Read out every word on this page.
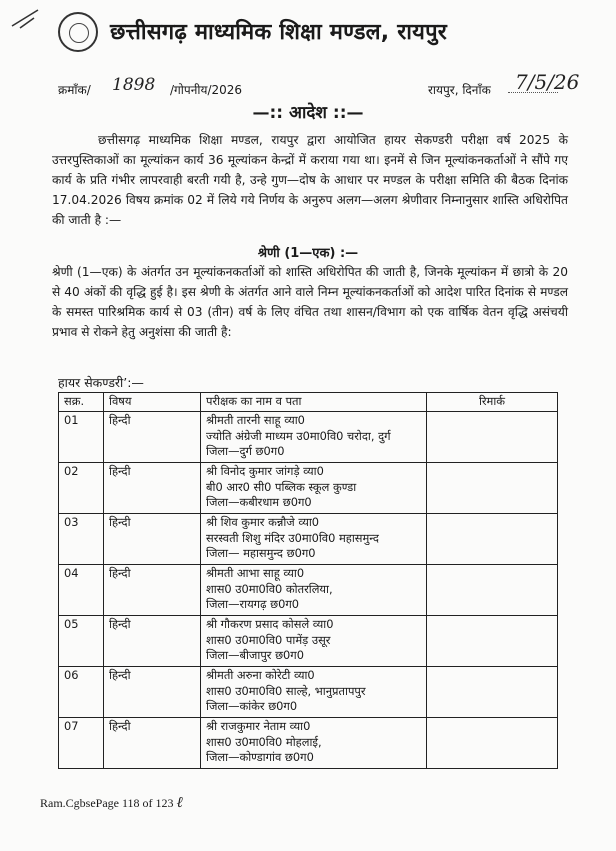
छत्तीसगढ़ माध्यमिक शिक्षा मण्डल, रायपुर
क्रमाँक/ 1898 /गोपनीय/2026	रायपुर, दिनाँक 7/5/26
—:: आदेश ::—
छत्तीसगढ़ माध्यमिक शिक्षा मण्डल, रायपुर द्वारा आयोजित हायर सेकण्डरी परीक्षा वर्ष 2025 के उत्तरपुस्तिकाओं का मूल्यांकन कार्य 36 मूल्यांकन केन्द्रों में कराया गया था। इनमें से जिन मूल्यांकनकर्ताओं ने सौंपे गए कार्य के प्रति गंभीर लापरवाही बरती गयी है, उन्हे गुण—दोष के आधार पर मण्डल के परीक्षा समिति की बैठक दिनांक 17.04.2026 विषय क्रमांक 02 में लिये गये निर्णय के अनुरुप अलग—अलग श्रेणीवार निम्नानुसार शास्ति अधिरोपित की जाती है :—
श्रेणी (1—एक) :—
श्रेणी (1—एक) के अंतर्गत उन मूल्यांकनकर्ताओं को शास्ति अधिरोपित की जाती है, जिनके मूल्यांकन में छात्रो के 20 से 40 अंकों की वृद्धि हुई है। इस श्रेणी के अंतर्गत आने वाले निम्न मूल्यांकनकर्ताओं को आदेश पारित दिनांक से मण्डल के समस्त पारिश्रमिक कार्य से 03 (तीन) वर्ष के लिए वंचित तथा शासन/विभाग को एक वार्षिक वेतन वृद्धि असंचयी प्रभाव से रोकने हेतु अनुशंसा की जाती है:
हायर सेकण्डरी’:—
सक्र.	विषय	परीक्षक का नाम व पता	रिमार्क
01	हिन्दी	श्रीमती तारनी साहू व्या0
ज्योति अंग्रेजी माध्यम उ0मा0वि0 चरोदा, दुर्ग
जिला—दुर्ग छ0ग0	

02	हिन्दी	श्री विनोद कुमार जांगड़े व्या0
बी0 आर0 सी0 पब्लिक स्कूल कुण्डा
जिला—कबीरधाम छ0ग0	

03	हिन्दी	श्री शिव कुमार कन्नौजे व्या0
सरस्वती शिशु मंदिर उ0मा0वि0 महासमुन्द
जिला— महासमुन्द छ0ग0	

04	हिन्दी	श्रीमती आभा साहू व्या0
शास0 उ0मा0वि0 कोतरलिया,
जिला—रायगढ़ छ0ग0	

05	हिन्दी	श्री गौकरण प्रसाद कोसले व्या0
शास0 उ0मा0वि0 पामेंड़ उसूर
जिला—बीजापुर छ0ग0	

06	हिन्दी	श्रीमती अरुना कोरेटी व्या0
शास0 उ0मा0वि0 साल्हे, भानुप्रतापपुर
जिला—कांकेर छ0ग0	

07	हिन्दी	श्री राजकुमार नेताम व्या0
शास0 उ0मा0वि0 मोहलाई,
जिला—कोण्डागांव छ0ग0	

Ram.CgbsePage 118 of 123 ℓ
